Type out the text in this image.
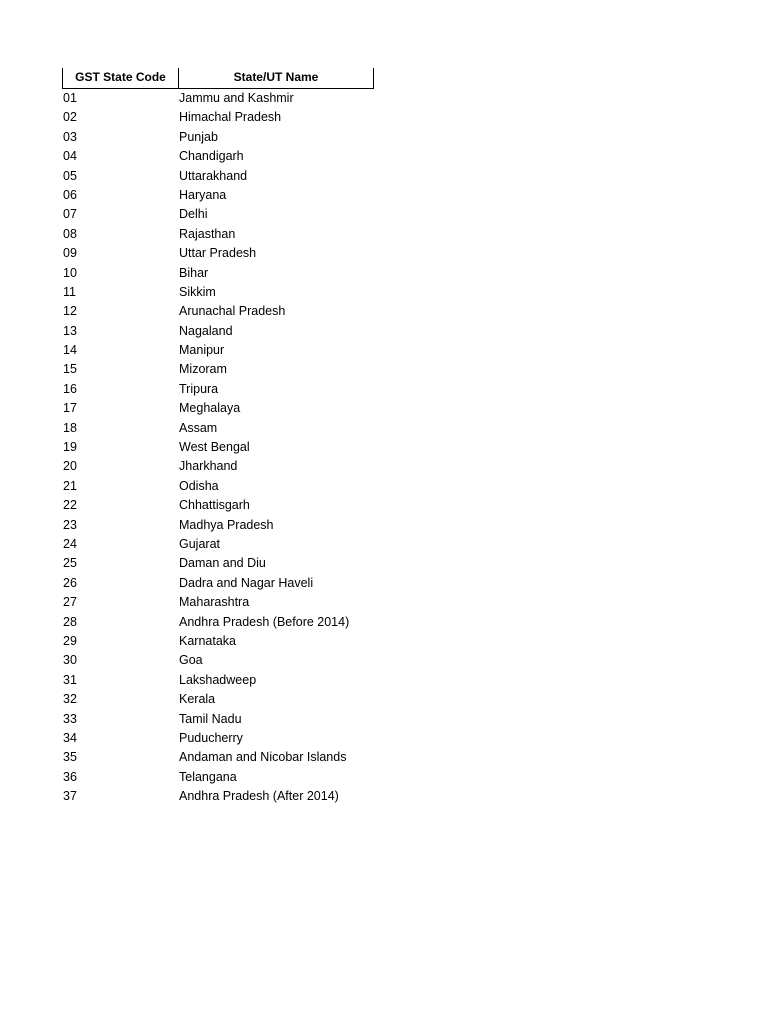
GST State Code	State/UT Name
01	Jammu and Kashmir
02	Himachal Pradesh
03	Punjab
04	Chandigarh
05	Uttarakhand
06	Haryana
07	Delhi
08	Rajasthan
09	Uttar Pradesh
10	Bihar
11	Sikkim
12	Arunachal Pradesh
13	Nagaland
14	Manipur
15	Mizoram
16	Tripura
17	Meghalaya
18	Assam
19	West Bengal
20	Jharkhand
21	Odisha
22	Chhattisgarh
23	Madhya Pradesh
24	Gujarat
25	Daman and Diu
26	Dadra and Nagar Haveli
27	Maharashtra
28	Andhra Pradesh (Before 2014)
29	Karnataka
30	Goa
31	Lakshadweep
32	Kerala
33	Tamil Nadu
34	Puducherry
35	Andaman and Nicobar Islands
36	Telangana
37	Andhra Pradesh (After 2014)
